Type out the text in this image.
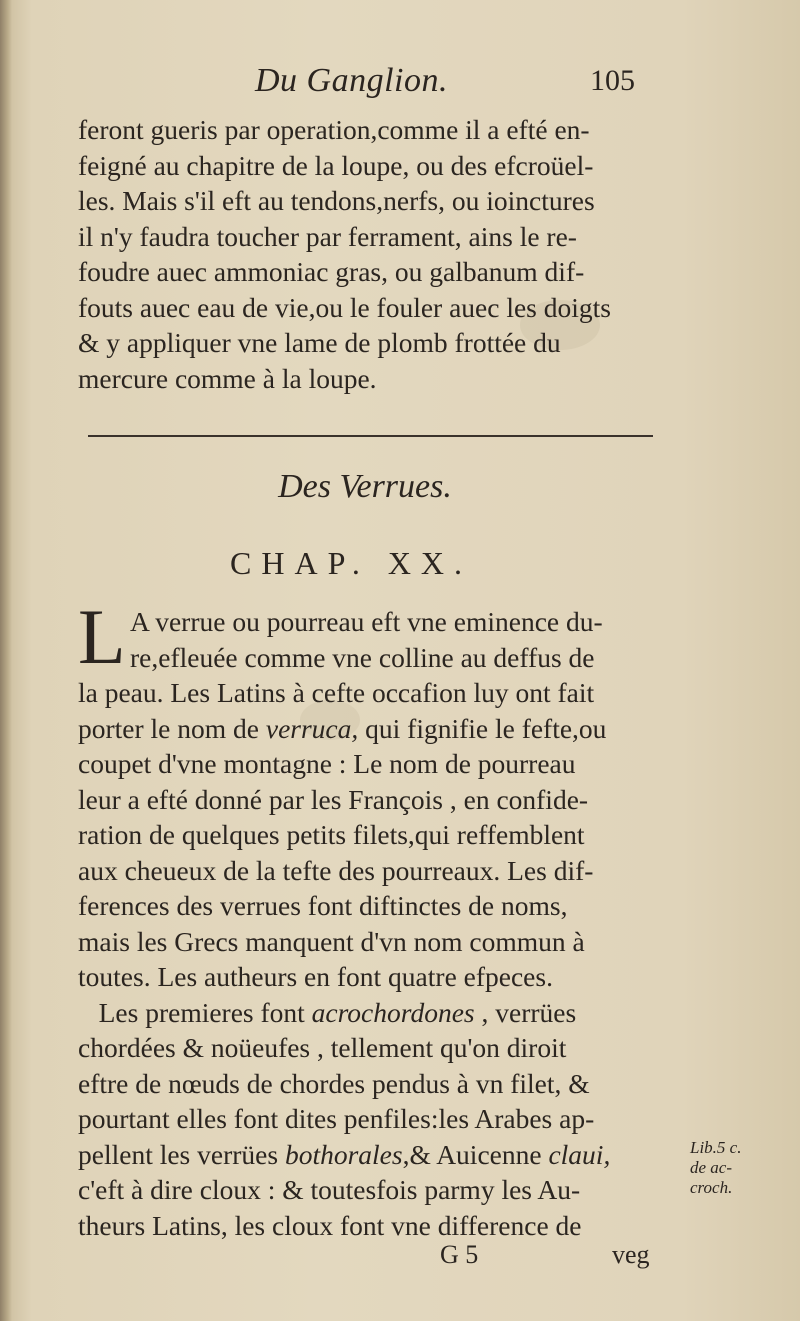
Du Ganglion.	105
feront gueris par operation,comme il a efté en-
feigné au chapitre de la loupe, ou des efcroüel-
les. Mais s'il eft au tendons,nerfs, ou ioinctures
il n'y faudra toucher par ferrament, ains le re-
foudre auec ammoniac gras, ou galbanum dif-
fouts auec eau de vie,ou le fouler auec les doigts
& y appliquer vne lame de plomb frottée du
mercure comme à la loupe.
Des Verrues.
CHAP. XX.
L A verrue ou pourreau eft vne eminence du-
re,efleuée comme vne colline au deffus de
la peau. Les Latins à cefte occafion luy ont fait
porter le nom de verruca, qui fignifie le fefte,ou
coupet d'vne montagne : Le nom de pourreau
leur a efté donné par les François , en confide-
ration de quelques petits filets,qui reffemblent
aux cheueux de la tefte des pourreaux. Les dif-
ferences des verrues font diftinctes de noms,
mais les Grecs manquent d'vn nom commun à
toutes. Les autheurs en font quatre efpeces.
Les premieres font acrochordones , verrües
chordées & noüeufes , tellement qu'on diroit
eftre de nœuds de chordes pendus à vn filet, &
pourtant elles font dites penfiles:les Arabes ap-
pellent les verrües bothorales,& Auicenne claui,
c'eft à dire cloux : & toutesfois parmy les Au-
theurs Latins, les cloux font vne difference de
Lib.5 c.
de ac-
croch.
G 5	veg
